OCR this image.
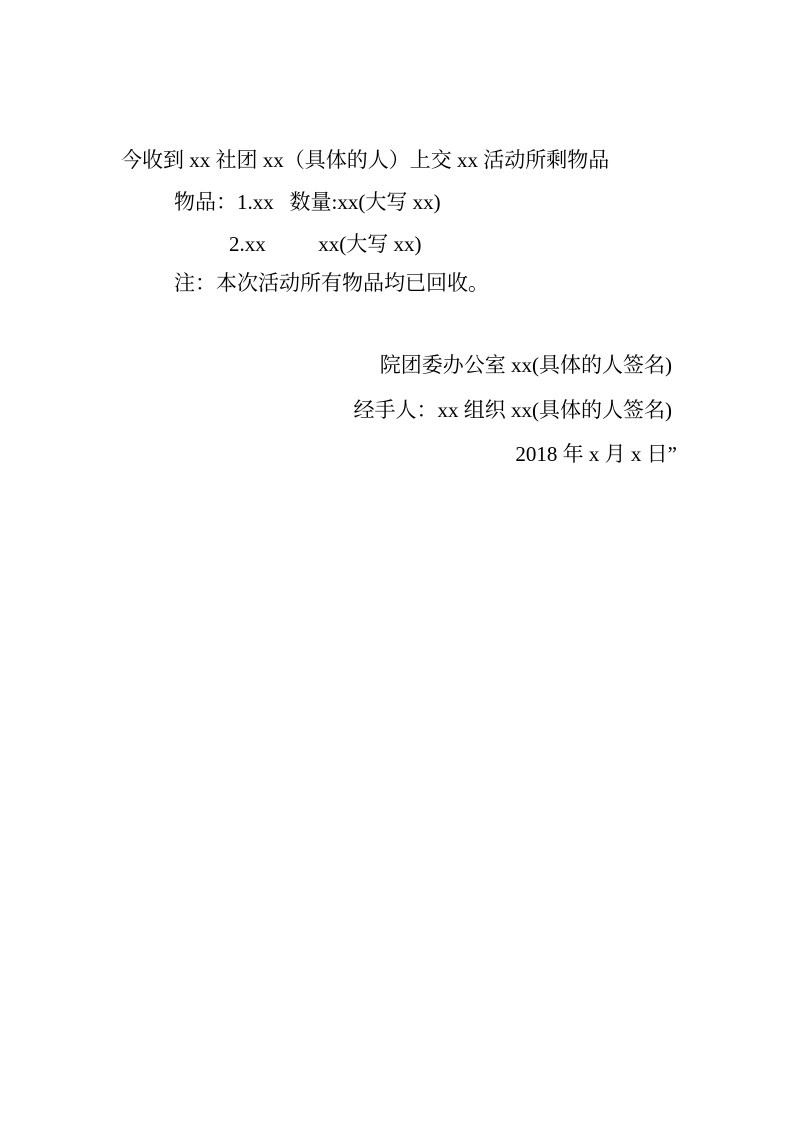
今收到 xx 社团 xx（具体的人）上交 xx 活动所剩物品
物品：1.xx   数量:xx(大写 xx)
2.xx          xx(大写 xx)
注：本次活动所有物品均已回收。
院团委办公室 xx(具体的人签名)
经手人：xx 组织 xx(具体的人签名)
2018 年 x 月 x 日”
